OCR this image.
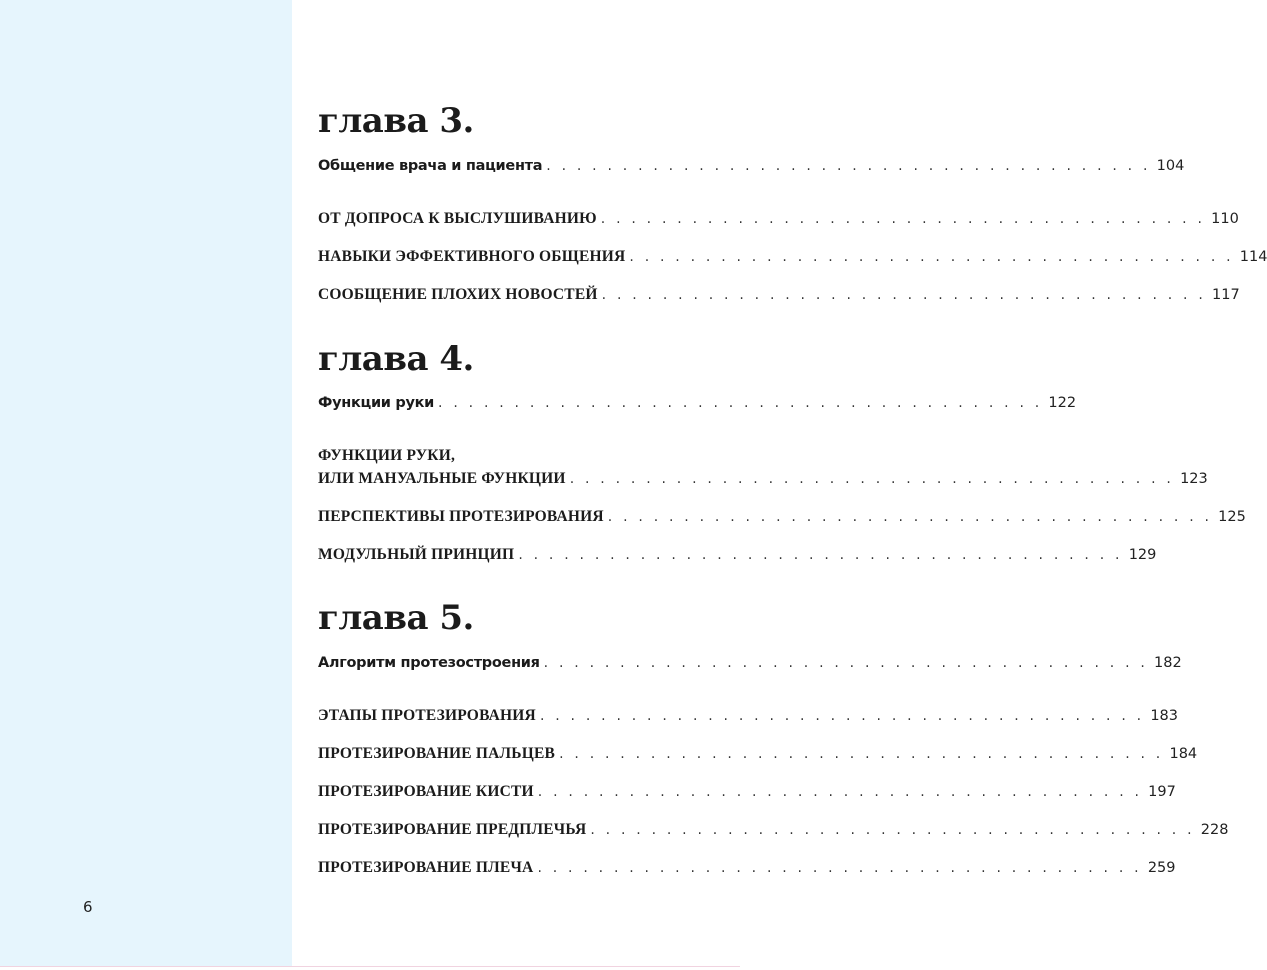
6
глава 3.
Общение врача и пациента . . . . . . . . . . . . . . . . . . . . . . . . . . . . . . . . . . . . . . . . 104
ОТ ДОПРОСА К ВЫСЛУШИВАНИЮ . . . . . . . . . . . . . . . . . . . . . . . . . . . . . . . . . . . . . . . . 110
НАВЫКИ ЭФФЕКТИВНОГО ОБЩЕНИЯ . . . . . . . . . . . . . . . . . . . . . . . . . . . . . . . . . . . . . . . . 114
СООБЩЕНИЕ ПЛОХИХ НОВОСТЕЙ . . . . . . . . . . . . . . . . . . . . . . . . . . . . . . . . . . . . . . . . 117
глава 4.
Функции руки . . . . . . . . . . . . . . . . . . . . . . . . . . . . . . . . . . . . . . . . 122
ФУНКЦИИ РУКИ,
ИЛИ МАНУАЛЬНЫЕ ФУНКЦИИ . . . . . . . . . . . . . . . . . . . . . . . . . . . . . . . . . . . . . . . . 123
ПЕРСПЕКТИВЫ ПРОТЕЗИРОВАНИЯ . . . . . . . . . . . . . . . . . . . . . . . . . . . . . . . . . . . . . . . . 125
МОДУЛЬНЫЙ ПРИНЦИП . . . . . . . . . . . . . . . . . . . . . . . . . . . . . . . . . . . . . . . . 129
глава 5.
Алгоритм протезостроения . . . . . . . . . . . . . . . . . . . . . . . . . . . . . . . . . . . . . . . . 182
ЭТАПЫ ПРОТЕЗИРОВАНИЯ . . . . . . . . . . . . . . . . . . . . . . . . . . . . . . . . . . . . . . . . 183
ПРОТЕЗИРОВАНИЕ ПАЛЬЦЕВ . . . . . . . . . . . . . . . . . . . . . . . . . . . . . . . . . . . . . . . . 184
ПРОТЕЗИРОВАНИЕ КИСТИ . . . . . . . . . . . . . . . . . . . . . . . . . . . . . . . . . . . . . . . . 197
ПРОТЕЗИРОВАНИЕ ПРЕДПЛЕЧЬЯ . . . . . . . . . . . . . . . . . . . . . . . . . . . . . . . . . . . . . . . . 228
ПРОТЕЗИРОВАНИЕ ПЛЕЧА . . . . . . . . . . . . . . . . . . . . . . . . . . . . . . . . . . . . . . . . 259
